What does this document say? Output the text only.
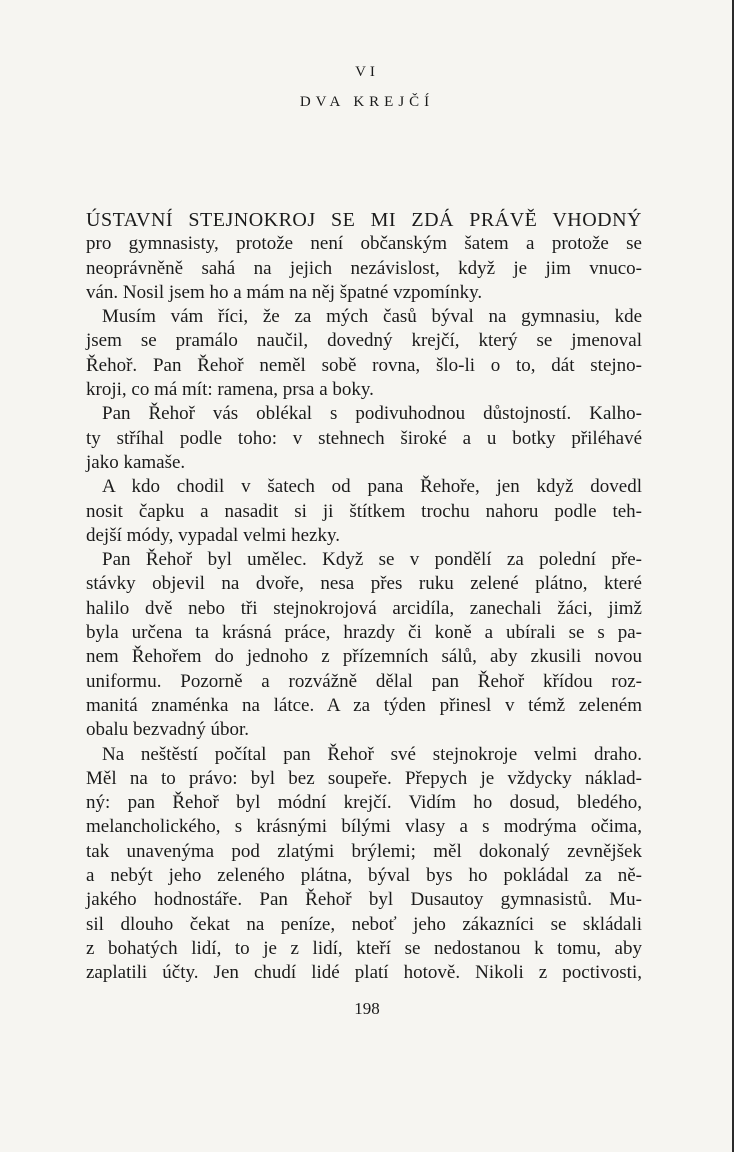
VI
DVA KREJČÍ
ÚSTAVNÍ STEJNOKROJ SE MI ZDÁ PRÁVĚ VHODNÝ
pro gymnasisty, protože není občanským šatem a protože se
neoprávněně sahá na jejich nezávislost, když je jim vnuco-
ván. Nosil jsem ho a mám na něj špatné vzpomínky.
Musím vám říci, že za mých časů býval na gymnasiu, kde
jsem se pramálo naučil, dovedný krejčí, který se jmenoval
Řehoř. Pan Řehoř neměl sobě rovna, šlo-li o to, dát stejno-
kroji, co má mít: ramena, prsa a boky.
Pan Řehoř vás oblékal s podivuhodnou důstojností. Kalho-
ty stříhal podle toho: v stehnech široké a u botky přiléhavé
jako kamaše.
A kdo chodil v šatech od pana Řehoře, jen když dovedl
nosit čapku a nasadit si ji štítkem trochu nahoru podle teh-
dejší módy, vypadal velmi hezky.
Pan Řehoř byl umělec. Když se v pondělí za polední pře-
stávky objevil na dvoře, nesa přes ruku zelené plátno, které
halilo dvě nebo tři stejnokrojová arcidíla, zanechali žáci, jimž
byla určena ta krásná práce, hrazdy či koně a ubírali se s pa-
nem Řehořem do jednoho z přízemních sálů, aby zkusili novou
uniformu. Pozorně a rozvážně dělal pan Řehoř křídou roz-
manitá znaménka na látce. A za týden přinesl v témž zeleném
obalu bezvadný úbor.
Na neštěstí počítal pan Řehoř své stejnokroje velmi draho.
Měl na to právo: byl bez soupeře. Přepych je vždycky náklad-
ný: pan Řehoř byl módní krejčí. Vidím ho dosud, bledého,
melancholického, s krásnými bílými vlasy a s modrýma očima,
tak unavenýma pod zlatými brýlemi; měl dokonalý zevnějšek
a nebýt jeho zeleného plátna, býval bys ho pokládal za ně-
jakého hodnostáře. Pan Řehoř byl Dusautoy gymnasistů. Mu-
sil dlouho čekat na peníze, neboť jeho zákazníci se skládali
z bohatých lidí, to je z lidí, kteří se nedostanou k tomu, aby
zaplatili účty. Jen chudí lidé platí hotově. Nikoli z poctivosti,
198
